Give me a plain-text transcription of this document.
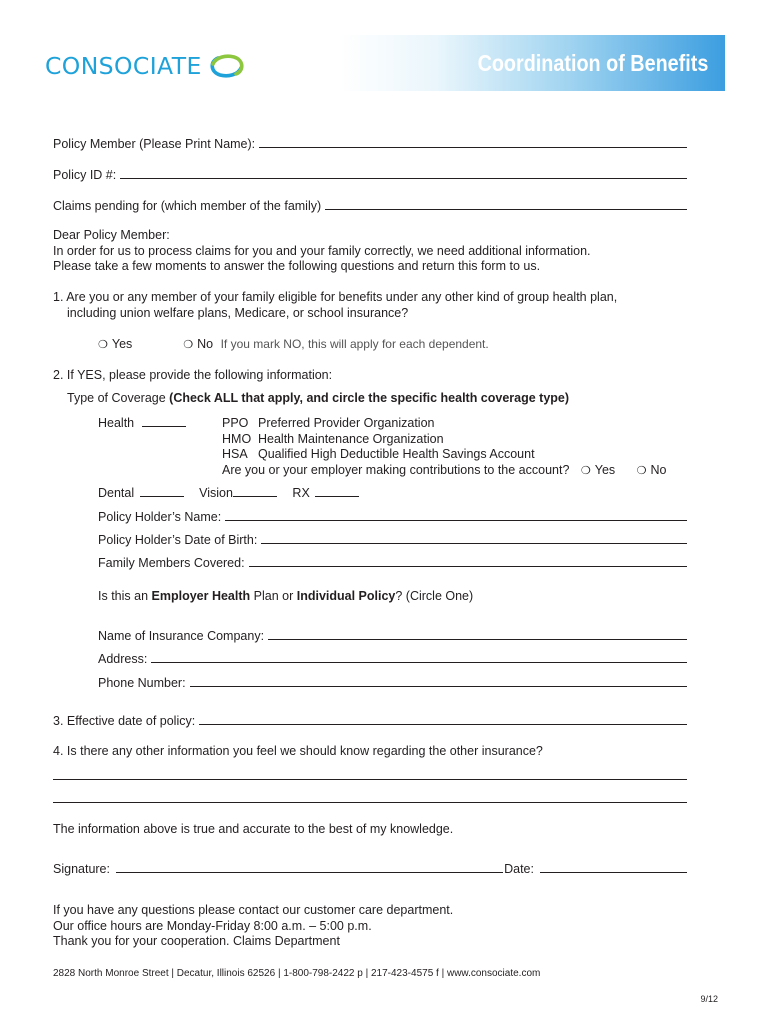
CONSOCIATE	Coordination of Benefits
Policy Member (Please Print Name):
Policy ID #:
Claims pending for (which member of the family)
Dear Policy Member:
In order for us to process claims for you and your family correctly, we need additional information.
Please take a few moments to answer the following questions and return this form to us.
1. Are you or any member of your family eligible for benefits under any other kind of group health plan,
including union welfare plans, Medicare, or school insurance?
❍ Yes	❍ No If you mark NO, this will apply for each dependent.
2. If YES, please provide the following information:
Type of Coverage (Check ALL that apply, and circle the specific health coverage type)
Health	PPO Preferred Provider Organization
HMO Health Maintenance Organization
HSA Qualified High Deductible Health Savings Account
Are you or your employer making contributions to the account? ❍ Yes ❍ No
Dental	Vision	RX
Policy Holder’s Name:
Policy Holder’s Date of Birth:
Family Members Covered:
Is this an Employer Health Plan or Individual Policy? (Circle One)
Name of Insurance Company:
Address:
Phone Number:
3. Effective date of policy:
4. Is there any other information you feel we should know regarding the other insurance?
The information above is true and accurate to the best of my knowledge.
Signature:	Date:
If you have any questions please contact our customer care department.
Our office hours are Monday-Friday 8:00 a.m. – 5:00 p.m.
Thank you for your cooperation. Claims Department
2828 North Monroe Street | Decatur, Illinois 62526 | 1-800-798-2422 p | 217-423-4575 f | www.consociate.com
9/12
